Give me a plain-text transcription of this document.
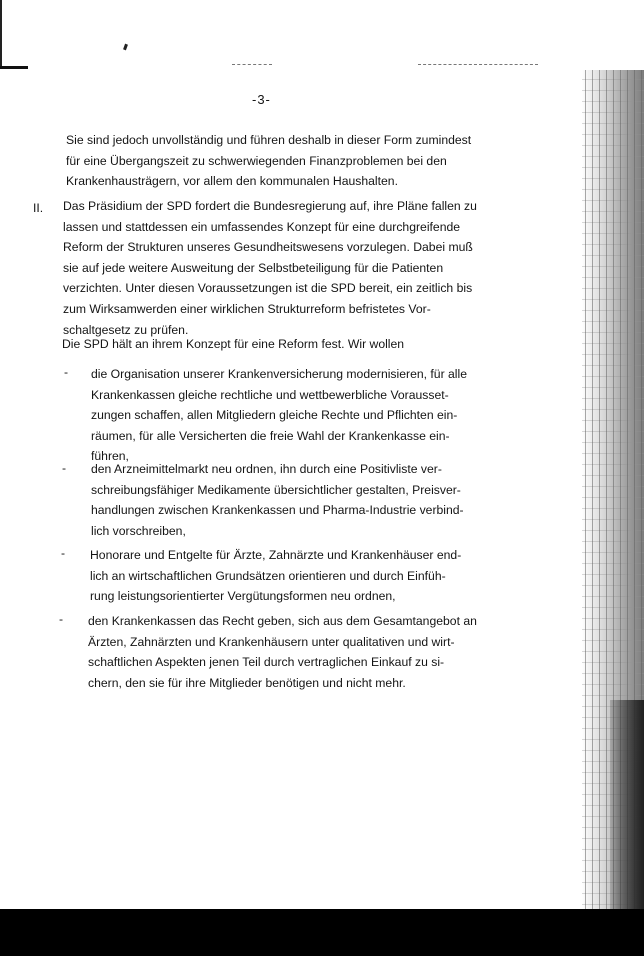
-3-
Sie sind jedoch unvollständig und führen deshalb in dieser Form zumindest
für eine Übergangszeit zu schwerwiegenden Finanzproblemen bei den
Krankenhausträgern, vor allem den kommunalen Haushalten.
II. Das Präsidium der SPD fordert die Bundesregierung auf, ihre Pläne fallen zu
lassen und stattdessen ein umfassendes Konzept für eine durchgreifende
Reform der Strukturen unseres Gesundheitswesens vorzulegen. Dabei muß
sie auf jede weitere Ausweitung der Selbstbeteiligung für die Patienten
verzichten. Unter diesen Voraussetzungen ist die SPD bereit, ein zeitlich bis
zum Wirksamwerden einer wirklichen Strukturreform befristetes Vor-
schaltgesetz zu prüfen.
Die SPD hält an ihrem Konzept für eine Reform fest. Wir wollen
- die Organisation unserer Krankenversicherung modernisieren, für alle
Krankenkassen gleiche rechtliche und wettbewerbliche Vorausset-
zungen schaffen, allen Mitgliedern gleiche Rechte und Pflichten ein-
räumen, für alle Versicherten die freie Wahl der Krankenkasse ein-
führen,
- den Arzneimittelmarkt neu ordnen, ihn durch eine Positivliste ver-
schreibungsfähiger Medikamente übersichtlicher gestalten, Preisver-
handlungen zwischen Krankenkassen und Pharma-Industrie verbind-
lich vorschreiben,
- Honorare und Entgelte für Ärzte, Zahnärzte und Krankenhäuser end-
lich an wirtschaftlichen Grundsätzen orientieren und durch Einfüh-
rung leistungsorientierter Vergütungsformen neu ordnen,
- den Krankenkassen das Recht geben, sich aus dem Gesamtangebot an
Ärzten, Zahnärzten und Krankenhäusern unter qualitativen und wirt-
schaftlichen Aspekten jenen Teil durch vertraglichen Einkauf zu si-
chern, den sie für ihre Mitglieder benötigen und nicht mehr.
